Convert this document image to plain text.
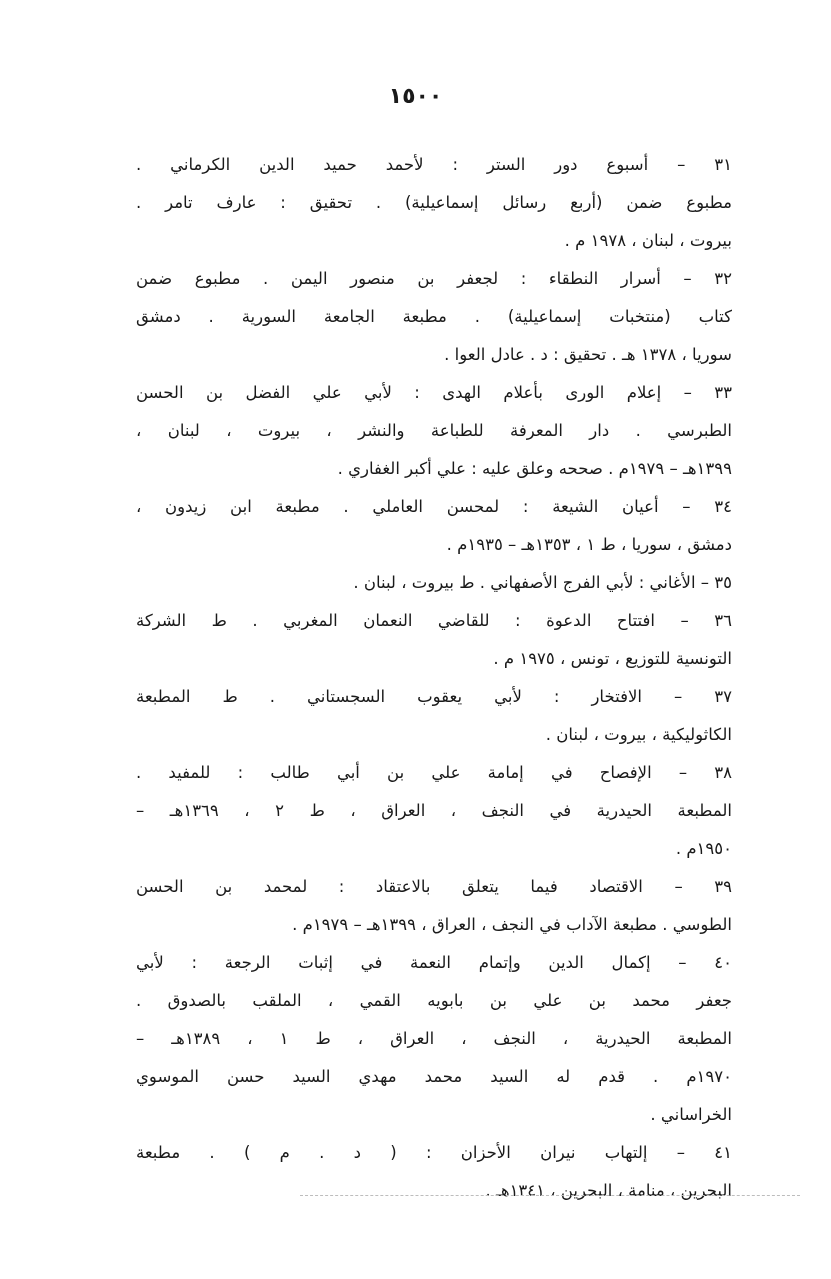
١٥٠٠
٣١ – أسبوع دور الستر : لأحمد حميد الدين الكرماني .
مطبوع ضمن (أربع رسائل إسماعيلية) . تحقيق : عارف تامر .
بيروت ، لبنان ، ١٩٧٨ م .
٣٢ – أسرار النطقاء : لجعفر بن منصور اليمن . مطبوع ضمن
كتاب (منتخبات إسماعيلية) . مطبعة الجامعة السورية . دمشق
سوريا ، ١٣٧٨ هـ . تحقيق : د . عادل العوا .
٣٣ – إعلام الورى بأعلام الهدى : لأبي علي الفضل بن الحسن
الطبرسي . دار المعرفة للطباعة والنشر ، بيروت ، لبنان ،
١٣٩٩هـ – ١٩٧٩م . صححه وعلق عليه : علي أكبر الغفاري .
٣٤ – أعيان الشيعة : لمحسن العاملي . مطبعة ابن زيدون ،
دمشق ، سوريا ، ط ١ ، ١٣٥٣هـ – ١٩٣٥م .
٣٥ – الأغاني : لأبي الفرج الأصفهاني . ط بيروت ، لبنان .
٣٦ – افتتاح الدعوة : للقاضي النعمان المغربي . ط الشركة
التونسية للتوزيع ، تونس ، ١٩٧٥ م .
٣٧ – الافتخار : لأبي يعقوب السجستاني . ط المطبعة
الكاثوليكية ، بيروت ، لبنان .
٣٨ – الإفصاح في إمامة علي بن أبي طالب : للمفيد .
المطبعة الحيدرية في النجف ، العراق ، ط ٢ ، ١٣٦٩هـ –
١٩٥٠م .
٣٩ – الاقتصاد فيما يتعلق بالاعتقاد : لمحمد بن الحسن
الطوسي . مطبعة الآداب في النجف ، العراق ، ١٣٩٩هـ – ١٩٧٩م .
٤٠ – إكمال الدين وإتمام النعمة في إثبات الرجعة : لأبي
جعفر محمد بن علي بن بابويه القمي ، الملقب بالصدوق .
المطبعة الحيدرية ، النجف ، العراق ، ط ١ ، ١٣٨٩هـ –
١٩٧٠م . قدم له السيد محمد مهدي السيد حسن الموسوي
الخراساني .
٤١ – إلتهاب نيران الأحزان : ( د . م ) . مطبعة
البحرين ، منامة ، البحرين ، ١٣٤١هـ .
